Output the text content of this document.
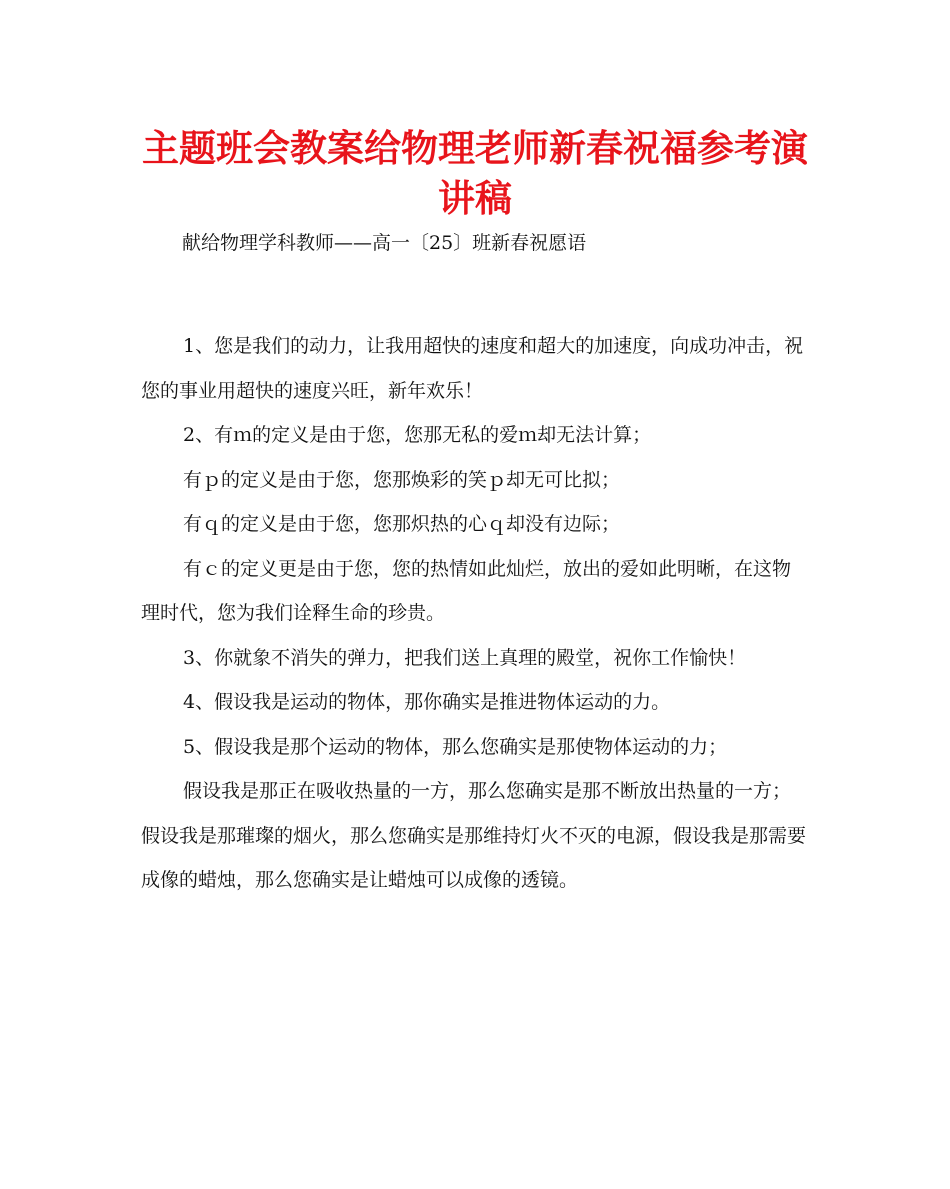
主题班会教案给物理老师新春祝福参考演讲稿

献给物理学科教师——高一〔25〕班新春祝愿语

1、您是我们的动力，让我用超快的速度和超大的加速度，向成功冲击，祝您的事业用超快的速度兴旺，新年欢乐！

2、有ｍ的定义是由于您，您那无私的爱ｍ却无法计算；

有ｐ的定义是由于您，您那焕彩的笑ｐ却无可比拟；

有ｑ的定义是由于您，您那炽热的心ｑ却没有边际；

有ｃ的定义更是由于您，您的热情如此灿烂，放出的爱如此明晰，在这物理时代，您为我们诠释生命的珍贵。

3、你就象不消失的弹力，把我们送上真理的殿堂，祝你工作愉快！

4、假设我是运动的物体，那你确实是推进物体运动的力。

5、假设我是那个运动的物体，那么您确实是那使物体运动的力；

假设我是那正在吸收热量的一方，那么您确实是那不断放出热量的一方；假设我是那璀璨的烟火，那么您确实是那维持灯火不灭的电源，假设我是那需要成像的蜡烛，那么您确实是让蜡烛可以成像的透镜。
